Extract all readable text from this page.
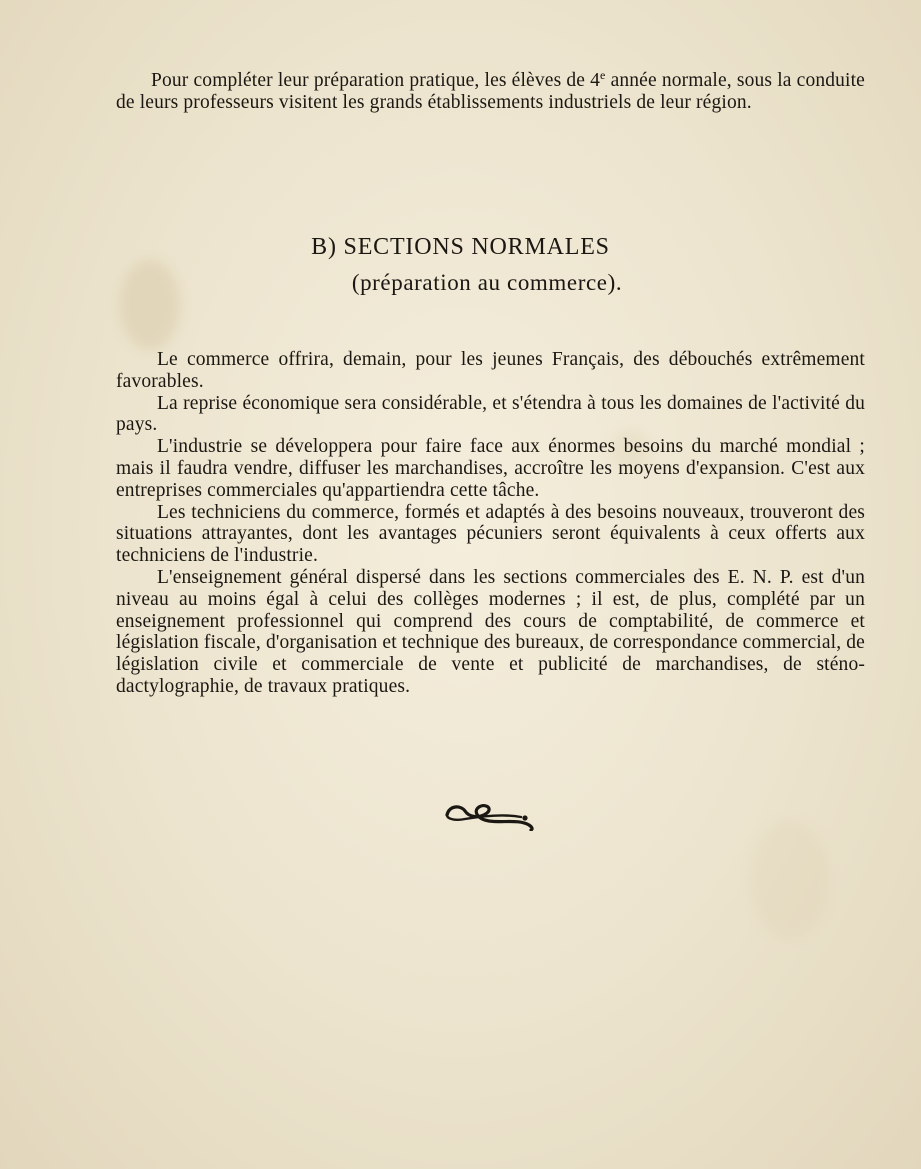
Pour compléter leur préparation pratique, les élèves de 4e année normale, sous la conduite de leurs professeurs visitent les grands établissements industriels de leur région.

B) SECTIONS NORMALES
(préparation au commerce).

Le commerce offrira, demain, pour les jeunes Français, des débouchés extrêmement favorables.

La reprise économique sera considérable, et s'étendra à tous les domaines de l'activité du pays.

L'industrie se développera pour faire face aux énormes besoins du marché mondial ; mais il faudra vendre, diffuser les marchandises, accroître les moyens d'expansion. C'est aux entreprises commerciales qu'appartiendra cette tâche.

Les techniciens du commerce, formés et adaptés à des besoins nouveaux, trouveront des situations attrayantes, dont les avantages pécuniers seront équivalents à ceux offerts aux techniciens de l'industrie.

L'enseignement général dispersé dans les sections commerciales des E. N. P. est d'un niveau au moins égal à celui des collèges modernes ; il est, de plus, complété par un enseignement professionnel qui comprend des cours de comptabilité, de commerce et législation fiscale, d'organisation et technique des bureaux, de correspondance commercial, de législation civile et commerciale de vente et publicité de marchandises, de sténo-dactylographie, de travaux pratiques.
